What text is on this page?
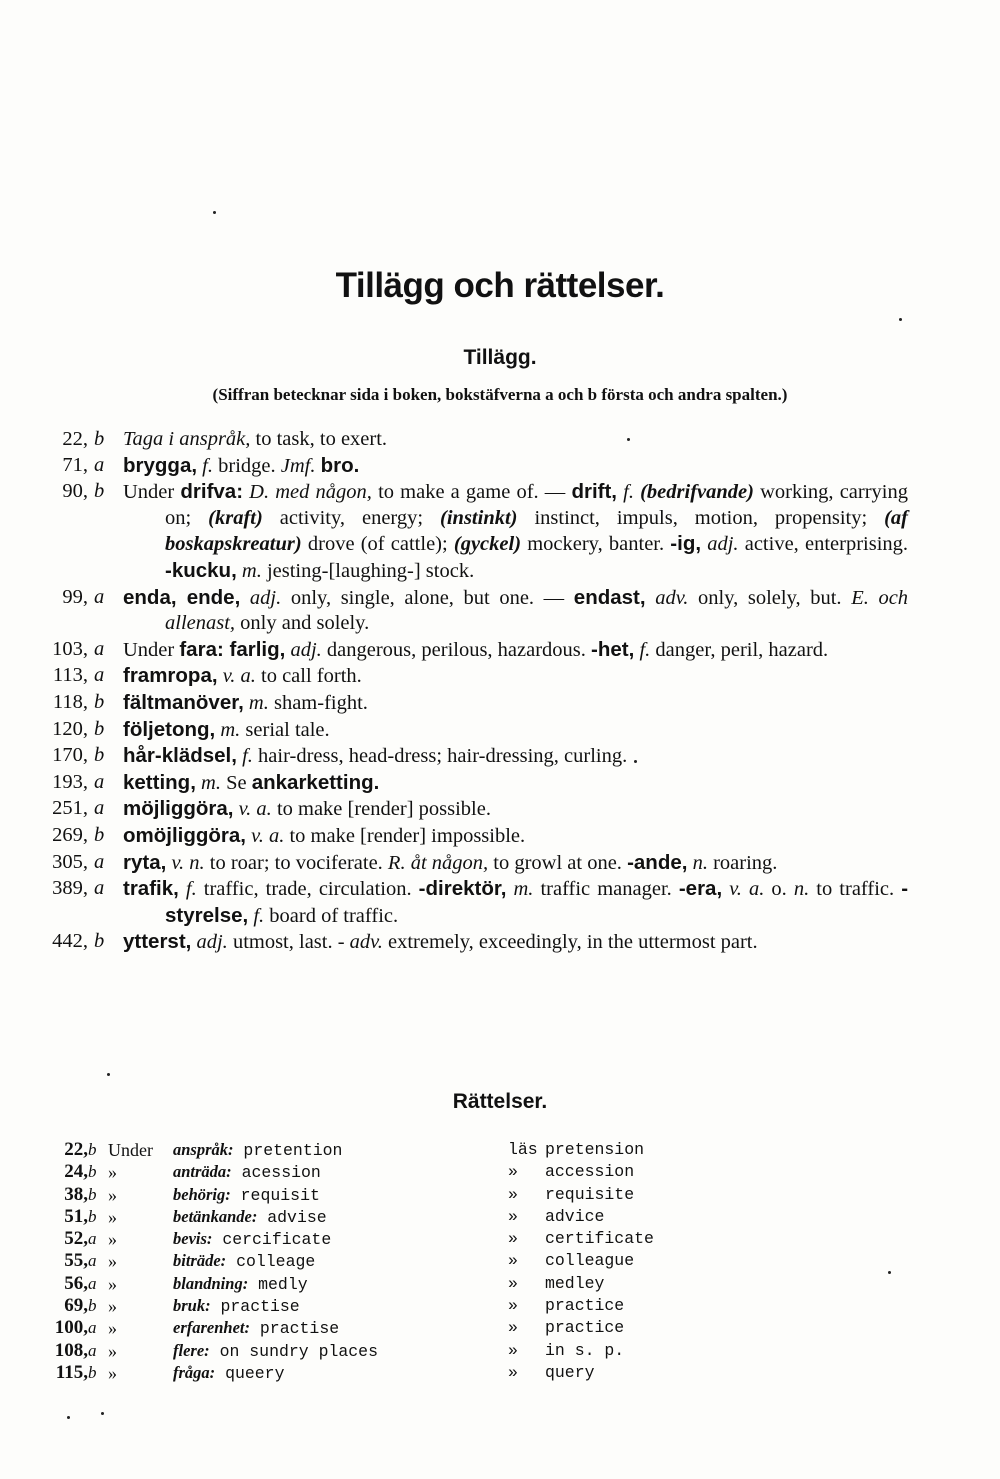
Tillägg och rättelser.
Tillägg.
(Siffran betecknar sida i boken, bokstäfverna a och b första och andra spalten.)
22, b Taga i anspråk, to task, to exert.
71, a brygga, f. bridge. Jmf. bro.
90, b Under drifva: D. med någon, to make a game of. — drift, f. (bedrifvande) working, carrying on; (kraft) activity, energy; (instinkt) instinct, impuls, motion, propensity; (af boskapskreatur) drove (of cattle); (gyckel) mockery, banter. -ig, adj. active, enterprising. -kucku, m. jesting-[laughing-] stock.
99, a enda, ende, adj. only, single, alone, but one. — endast, adv. only, solely, but. E. och allenast, only and solely.
103, a Under fara: farlig, adj. dangerous, perilous, hazardous. -het, f. danger, peril, hazard.
113, a framropa, v. a. to call forth.
118, b fältmanöver, m. sham-fight.
120, b följetong, m. serial tale.
170, b hår-klädsel, f. hair-dress, head-dress; hair-dressing, curling.
193, a ketting, m. Se ankarketting.
251, a möjliggöra, v. a. to make [render] possible.
269, b omöjliggöra, v. a. to make [render] impossible.
305, a ryta, v. n. to roar; to vociferate. R. åt någon, to growl at one. -ande, n. roaring.
389, a trafik, f. traffic, trade, circulation. -direktör, m. traffic manager. -era, v. a. o. n. to traffic. -styrelse, f. board of traffic.
442, b ytterst, adj. utmost, last. - adv. extremely, exceedingly, in the uttermost part.
Rättelser.
22, b Under anspråk: pretention	läs pretension
24, b »	anträda: acession	» accession
38, b »	behörig: requisit	» requisite
51, b »	betänkande: advise	» advice
52, a »	bevis: cercificate	» certificate
55, a »	biträde: colleage	» colleague
56, a »	blandning: medly	» medley
69, b »	bruk: practise	» practice
100, a »	erfarenhet: practise	» practice
108, a »	flere: on sundry places	» in s. p.
115, b »	fråga: queery	» query
